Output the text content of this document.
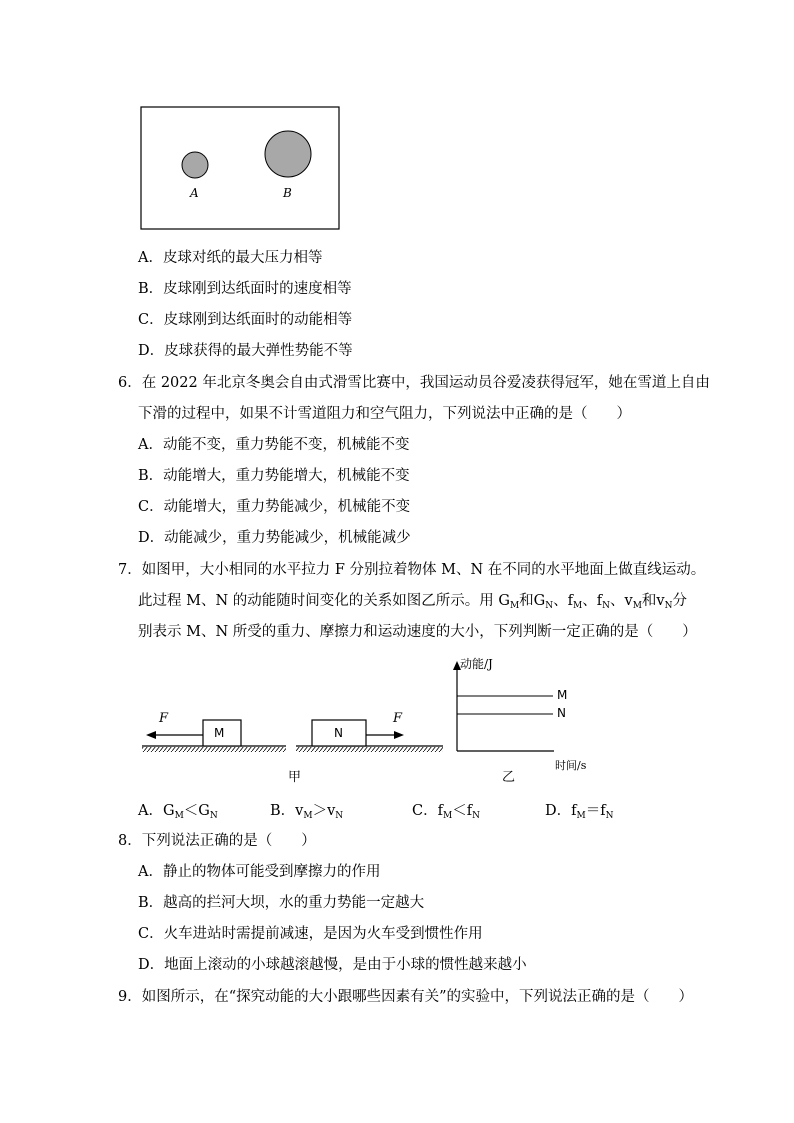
A	B
A．皮球对纸的最大压力相等
B．皮球刚到达纸面时的速度相等
C．皮球刚到达纸面时的动能相等
D．皮球获得的最大弹性势能不等
6．在 2022 年北京冬奥会自由式滑雪比赛中，我国运动员谷爱凌获得冠军，她在雪道上自由
下滑的过程中，如果不计雪道阻力和空气阻力，下列说法中正确的是（　　）
A．动能不变，重力势能不变，机械能不变
B．动能增大，重力势能增大，机械能不变
C．动能增大，重力势能减少，机械能不变
D．动能减少，重力势能减少，机械能减少
7．如图甲，大小相同的水平拉力 F 分别拉着物体 M、N 在不同的水平地面上做直线运动。
此过程 M、N 的动能随时间变化的关系如图乙所示。用 $G_M$和$G_N$、$f_M$、$f_N$、$v_M$和$v_N$分
别表示 M、N 所受的重力、摩擦力和运动速度的大小，下列判断一定正确的是（　　）
F
M	N
F
甲
动能/J
M
N
时间/s
乙
A．$G_M<G_N$	B．$v_M>v_N$	C．$f_M<f_N$	D．$f_M=f_N$
8．下列说法正确的是（　　）
A．静止的物体可能受到摩擦力的作用
B．越高的拦河大坝，水的重力势能一定越大
C．火车进站时需提前减速，是因为火车受到惯性作用
D．地面上滚动的小球越滚越慢，是由于小球的惯性越来越小
9．如图所示，在“探究动能的大小跟哪些因素有关”的实验中，下列说法正确的是（　　）
